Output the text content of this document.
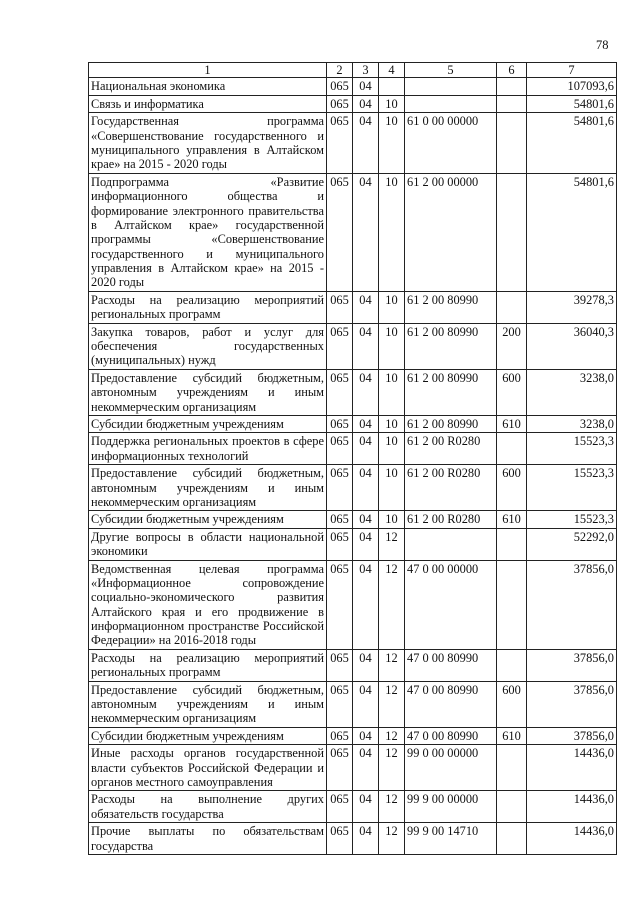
78
1	2	3	4	5	6	7
Национальная экономика	065	04				107093,6
Связь и информатика	065	04	10			54801,6
Государственная программа «Совершенствование государственного и муниципального управления в Алтайском крае» на 2015 - 2020 годы	065	04	10	61 0 00 00000		54801,6
Подпрограмма «Развитие информационного общества и формирование электронного правительства в Алтайском крае» государственной программы «Совершенствование государственного и муниципального управления в Алтайском крае» на 2015 - 2020 годы	065	04	10	61 2 00 00000		54801,6
Расходы на реализацию мероприятий региональных программ	065	04	10	61 2 00 80990		39278,3
Закупка товаров, работ и услуг для обеспечения государственных (муниципальных) нужд	065	04	10	61 2 00 80990	200	36040,3
Предоставление субсидий бюджетным, автономным учреждениям и иным некоммерческим организациям	065	04	10	61 2 00 80990	600	3238,0
Субсидии бюджетным учреждениям	065	04	10	61 2 00 80990	610	3238,0
Поддержка региональных проектов в сфере информационных технологий	065	04	10	61 2 00 R0280		15523,3
Предоставление субсидий бюджетным, автономным учреждениям и иным некоммерческим организациям	065	04	10	61 2 00 R0280	600	15523,3
Субсидии бюджетным учреждениям	065	04	10	61 2 00 R0280	610	15523,3
Другие вопросы в области национальной экономики	065	04	12			52292,0
Ведомственная целевая программа «Информационное сопровождение социально-экономического развития Алтайского края и его продвижение в информационном пространстве Российской Федерации» на 2016-2018 годы	065	04	12	47 0 00 00000		37856,0
Расходы на реализацию мероприятий региональных программ	065	04	12	47 0 00 80990		37856,0
Предоставление субсидий бюджетным, автономным учреждениям и иным некоммерческим организациям	065	04	12	47 0 00 80990	600	37856,0
Субсидии бюджетным учреждениям	065	04	12	47 0 00 80990	610	37856,0
Иные расходы органов государственной власти субъектов Российской Федерации и органов местного самоуправления	065	04	12	99 0 00 00000		14436,0
Расходы на выполнение других обязательств государства	065	04	12	99 9 00 00000		14436,0
Прочие выплаты по обязательствам государства	065	04	12	99 9 00 14710		14436,0
